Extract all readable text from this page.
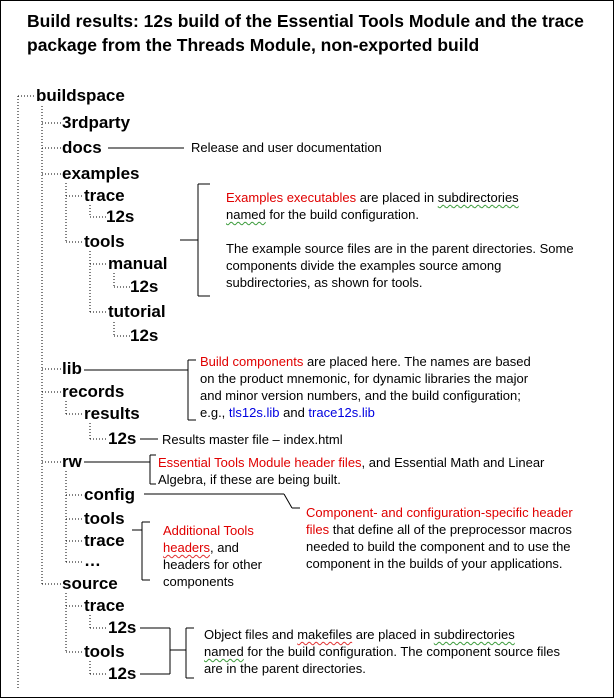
Build results: 12s build of the Essential Tools Module and the trace package from the Threads Module, non-exported build

buildspace
3rdparty
docs
examples
trace
12s
tools
manual
12s
tutorial
12s
lib
records
results
12s
rw
config
tools
trace
…
source
trace
12s
tools
12s
Release and user documentation
Examples executables are placed in subdirectories
named for the build configuration.
The example source files are in the parent directories. Some components divide the examples source among subdirectories, as shown for tools.
Build components are placed here. The names are based on the product mnemonic, for dynamic libraries the major and minor version numbers, and the build configuration; e.g., tls12s.lib and trace12s.lib
Results master file – index.html
Essential Tools Module header files, and Essential Math and Linear Algebra, if these are being built.
Component- and configuration-specific header files that define all of the preprocessor macros needed to build the component and to use the component in the builds of your applications.
Additional Tools headers, and headers for other components
Object files and makefiles are placed in subdirectories
named for the build configuration. The component source files are in the parent directories.
